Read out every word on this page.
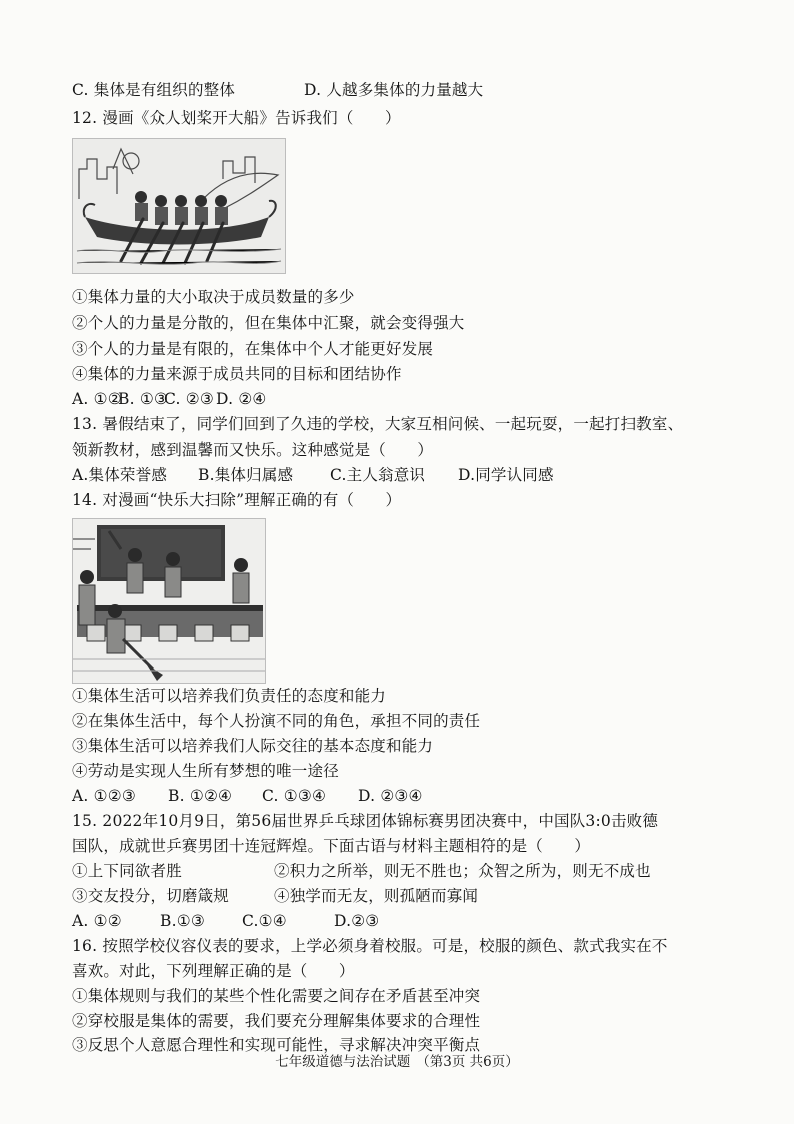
C. 集体是有组织的整体	D. 人越多集体的力量越大
12. 漫画《众人划桨开大船》告诉我们（　　）
①集体力量的大小取决于成员数量的多少
②个人的力量是分散的，但在集体中汇聚，就会变得强大
③个人的力量是有限的，在集体中个人才能更好发展
④集体的力量来源于成员共同的目标和团结协作
A. ①②B. ①③C. ②③ D. ②④
13. 暑假结束了，同学们回到了久违的学校，大家互相问候、一起玩耍，一起打扫教室、
领新教材，感到温馨而又快乐。这种感觉是（　　）
A.集体荣誉感 B.集体归属感 C.主人翁意识 D.同学认同感
14. 对漫画“快乐大扫除”理解正确的有（　　）
①集体生活可以培养我们负责任的态度和能力
②在集体生活中，每个人扮演不同的角色，承担不同的责任
③集体生活可以培养我们人际交往的基本态度和能力
④劳动是实现人生所有梦想的唯一途径
A. ①②③ B. ①②④ C. ①③④ D. ②③④
15. 2022年10月9日，第56届世界乒乓球团体锦标赛男团决赛中，中国队3:0击败德
国队，成就世乒赛男团十连冠辉煌。下面古语与材料主题相符的是（　　）
①上下同欲者胜	②积力之所举，则无不胜也；众智之所为，则无不成也
③交友投分，切磨箴规	④独学而无友，则孤陋而寡闻
A. ①② B.①③ C.①④	D.②③
16. 按照学校仪容仪表的要求，上学必须身着校服。可是，校服的颜色、款式我实在不
喜欢。对此，下列理解正确的是（　　）
①集体规则与我们的某些个性化需要之间存在矛盾甚至冲突
②穿校服是集体的需要，我们要充分理解集体要求的合理性
③反思个人意愿合理性和实现可能性，寻求解决冲突平衡点
七年级道德与法治试题 （第3页 共6页）
